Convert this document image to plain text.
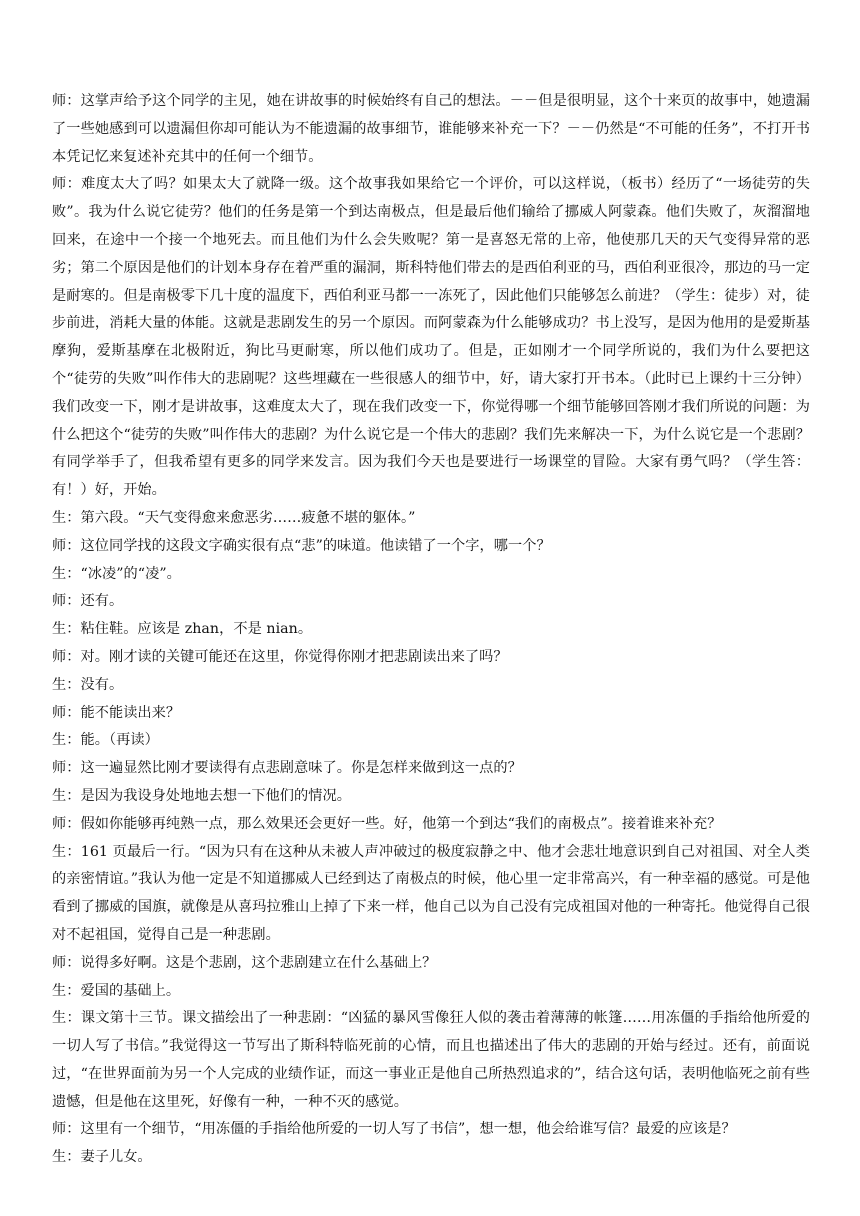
师：这掌声给予这个同学的主见，她在讲故事的时候始终有自己的想法。－－但是很明显，这个十来页的故事中，她遗漏了一些她感到可以遗漏但你却可能认为不能遗漏的故事细节，谁能够来补充一下？－－仍然是“不可能的任务”，不打开书本凭记忆来复述补充其中的任何一个细节。

师：难度太大了吗？如果太大了就降一级。这个故事我如果给它一个评价，可以这样说，（板书）经历了“一场徒劳的失败”。我为什么说它徒劳？他们的任务是第一个到达南极点，但是最后他们输给了挪威人阿蒙森。他们失败了，灰溜溜地回来，在途中一个接一个地死去。而且他们为什么会失败呢？第一是喜怒无常的上帝，他使那几天的天气变得异常的恶劣；第二个原因是他们的计划本身存在着严重的漏洞，斯科特他们带去的是西伯利亚的马，西伯利亚很冷，那边的马一定是耐寒的。但是南极零下几十度的温度下，西伯利亚马都一一冻死了，因此他们只能够怎么前进？（学生：徒步）对，徒步前进，消耗大量的体能。这就是悲剧发生的另一个原因。而阿蒙森为什么能够成功？书上没写，是因为他用的是爱斯基摩狗，爱斯基摩在北极附近，狗比马更耐寒，所以他们成功了。但是，正如刚才一个同学所说的，我们为什么要把这个“徒劳的失败”叫作伟大的悲剧呢？这些埋藏在一些很感人的细节中，好，请大家打开书本。（此时已上课约十三分钟）我们改变一下，刚才是讲故事，这难度太大了，现在我们改变一下，你觉得哪一个细节能够回答刚才我们所说的问题：为什么把这个“徒劳的失败”叫作伟大的悲剧？为什么说它是一个伟大的悲剧？我们先来解决一下，为什么说它是一个悲剧？有同学举手了，但我希望有更多的同学来发言。因为我们今天也是要进行一场课堂的冒险。大家有勇气吗？（学生答：有！）好，开始。

生：第六段。“天气变得愈来愈恶劣……疲惫不堪的躯体。”

师：这位同学找的这段文字确实很有点“悲”的味道。他读错了一个字，哪一个？

生：“冰凌”的“凌”。

师：还有。

生：粘住鞋。应该是 zhan，不是 nian。

师：对。刚才读的关键可能还在这里，你觉得你刚才把悲剧读出来了吗？

生：没有。

师：能不能读出来？

生：能。（再读）

师：这一遍显然比刚才要读得有点悲剧意味了。你是怎样来做到这一点的？

生：是因为我设身处地地去想一下他们的情况。

师：假如你能够再纯熟一点，那么效果还会更好一些。好，他第一个到达“我们的南极点”。接着谁来补充？

生：161 页最后一行。“因为只有在这种从未被人声冲破过的极度寂静之中、他才会悲壮地意识到自己对祖国、对全人类的亲密情谊。”我认为他一定是不知道挪威人已经到达了南极点的时候，他心里一定非常高兴，有一种幸福的感觉。可是他看到了挪威的国旗，就像是从喜玛拉雅山上掉了下来一样，他自己以为自己没有完成祖国对他的一种寄托。他觉得自己很对不起祖国，觉得自己是一种悲剧。

师：说得多好啊。这是个悲剧，这个悲剧建立在什么基础上？

生：爱国的基础上。

生：课文第十三节。课文描绘出了一种悲剧：“凶猛的暴风雪像狂人似的袭击着薄薄的帐篷……用冻僵的手指给他所爱的一切人写了书信。”我觉得这一节写出了斯科特临死前的心情，而且也描述出了伟大的悲剧的开始与经过。还有，前面说过，“在世界面前为另一个人完成的业绩作证，而这一事业正是他自己所热烈追求的”，结合这句话，表明他临死之前有些遗憾，但是他在这里死，好像有一种，一种不灭的感觉。

师：这里有一个细节，“用冻僵的手指给他所爱的一切人写了书信”，想一想，他会给谁写信？最爱的应该是？

生：妻子儿女。
